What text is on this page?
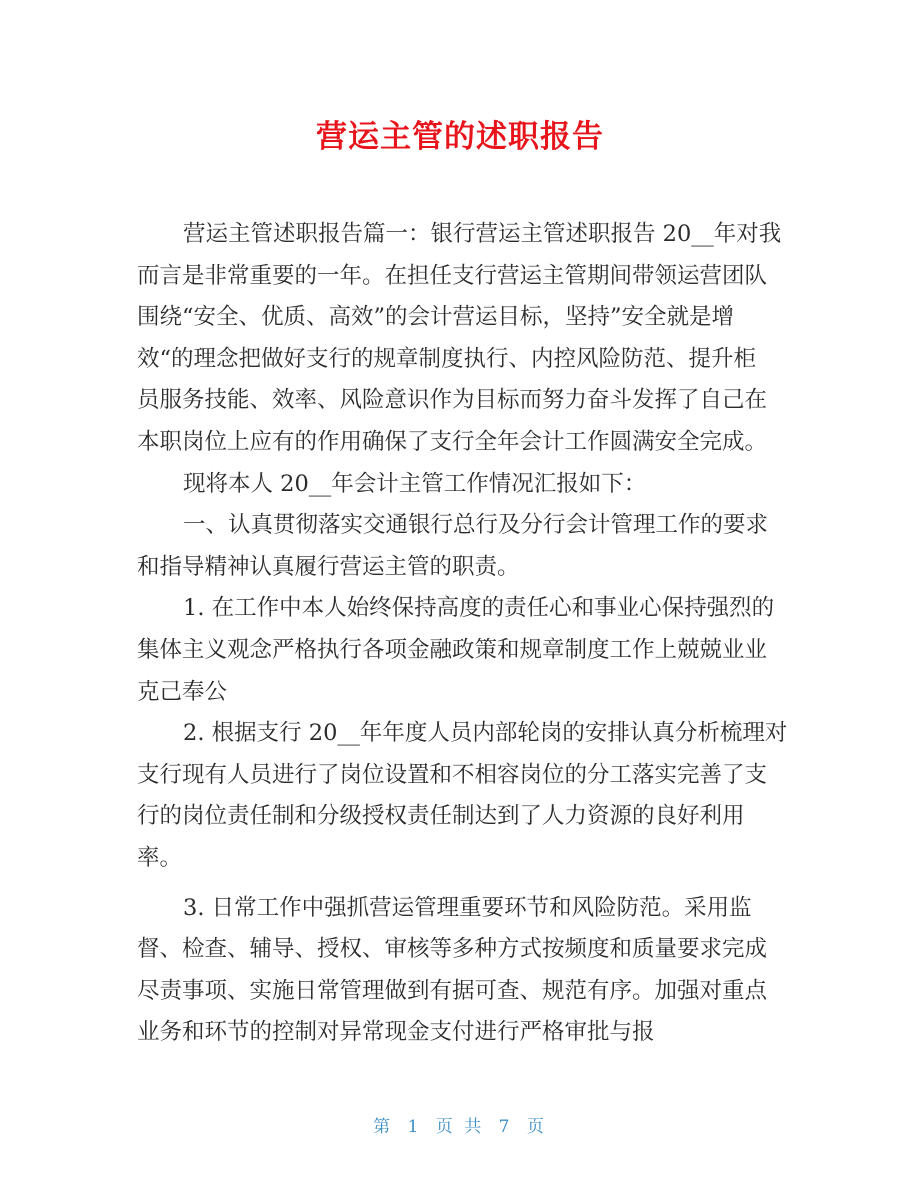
营运主管的述职报告
营运主管述职报告篇一：银行营运主管述职报告 20__年对我
而言是非常重要的一年。在担任支行营运主管期间带领运营团队
围绕“安全、优质、高效”的会计营运目标，坚持”安全就是增
效“的理念把做好支行的规章制度执行、内控风险防范、提升柜
员服务技能、效率、风险意识作为目标而努力奋斗发挥了自己在
本职岗位上应有的作用确保了支行全年会计工作圆满安全完成。
现将本人 20__年会计主管工作情况汇报如下：
一、认真贯彻落实交通银行总行及分行会计管理工作的要求
和指导精神认真履行营运主管的职责。
1. 在工作中本人始终保持高度的责任心和事业心保持强烈的
集体主义观念严格执行各项金融政策和规章制度工作上兢兢业业
克己奉公
2. 根据支行 20__年年度人员内部轮岗的安排认真分析梳理对
支行现有人员进行了岗位设置和不相容岗位的分工落实完善了支
行的岗位责任制和分级授权责任制达到了人力资源的良好利用
率。
3. 日常工作中强抓营运管理重要环节和风险防范。采用监
督、检查、辅导、授权、审核等多种方式按频度和质量要求完成
尽责事项、实施日常管理做到有据可查、规范有序。加强对重点
业务和环节的控制对异常现金支付进行严格审批与报
第 1 页 共 7 页
